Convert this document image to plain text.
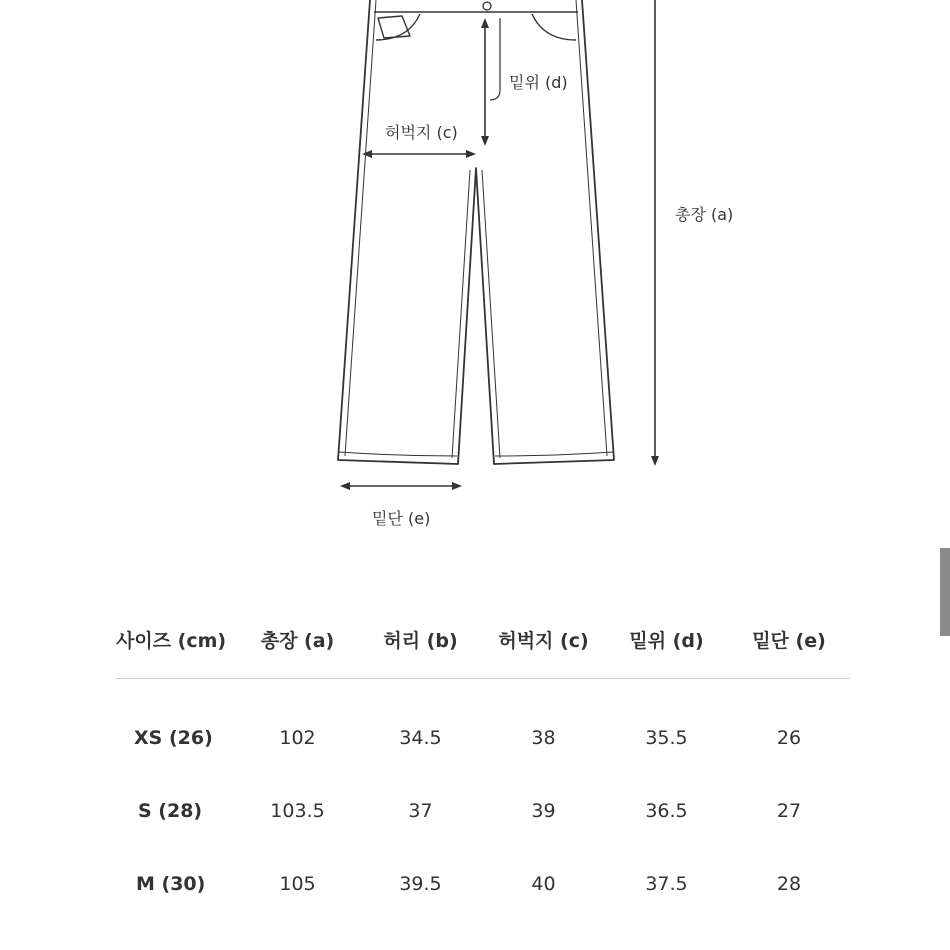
밑위 (d)
허벅지 (c)
총장 (a)
밑단 (e)
사이즈 (cm)	총장 (a)	허리 (b)	허벅지 (c)	밑위 (d)	밑단 (e)
XS (26)	102	34.5	38	35.5	26
S (28)	103.5	37	39	36.5	27
M (30)	105	39.5	40	37.5	28
